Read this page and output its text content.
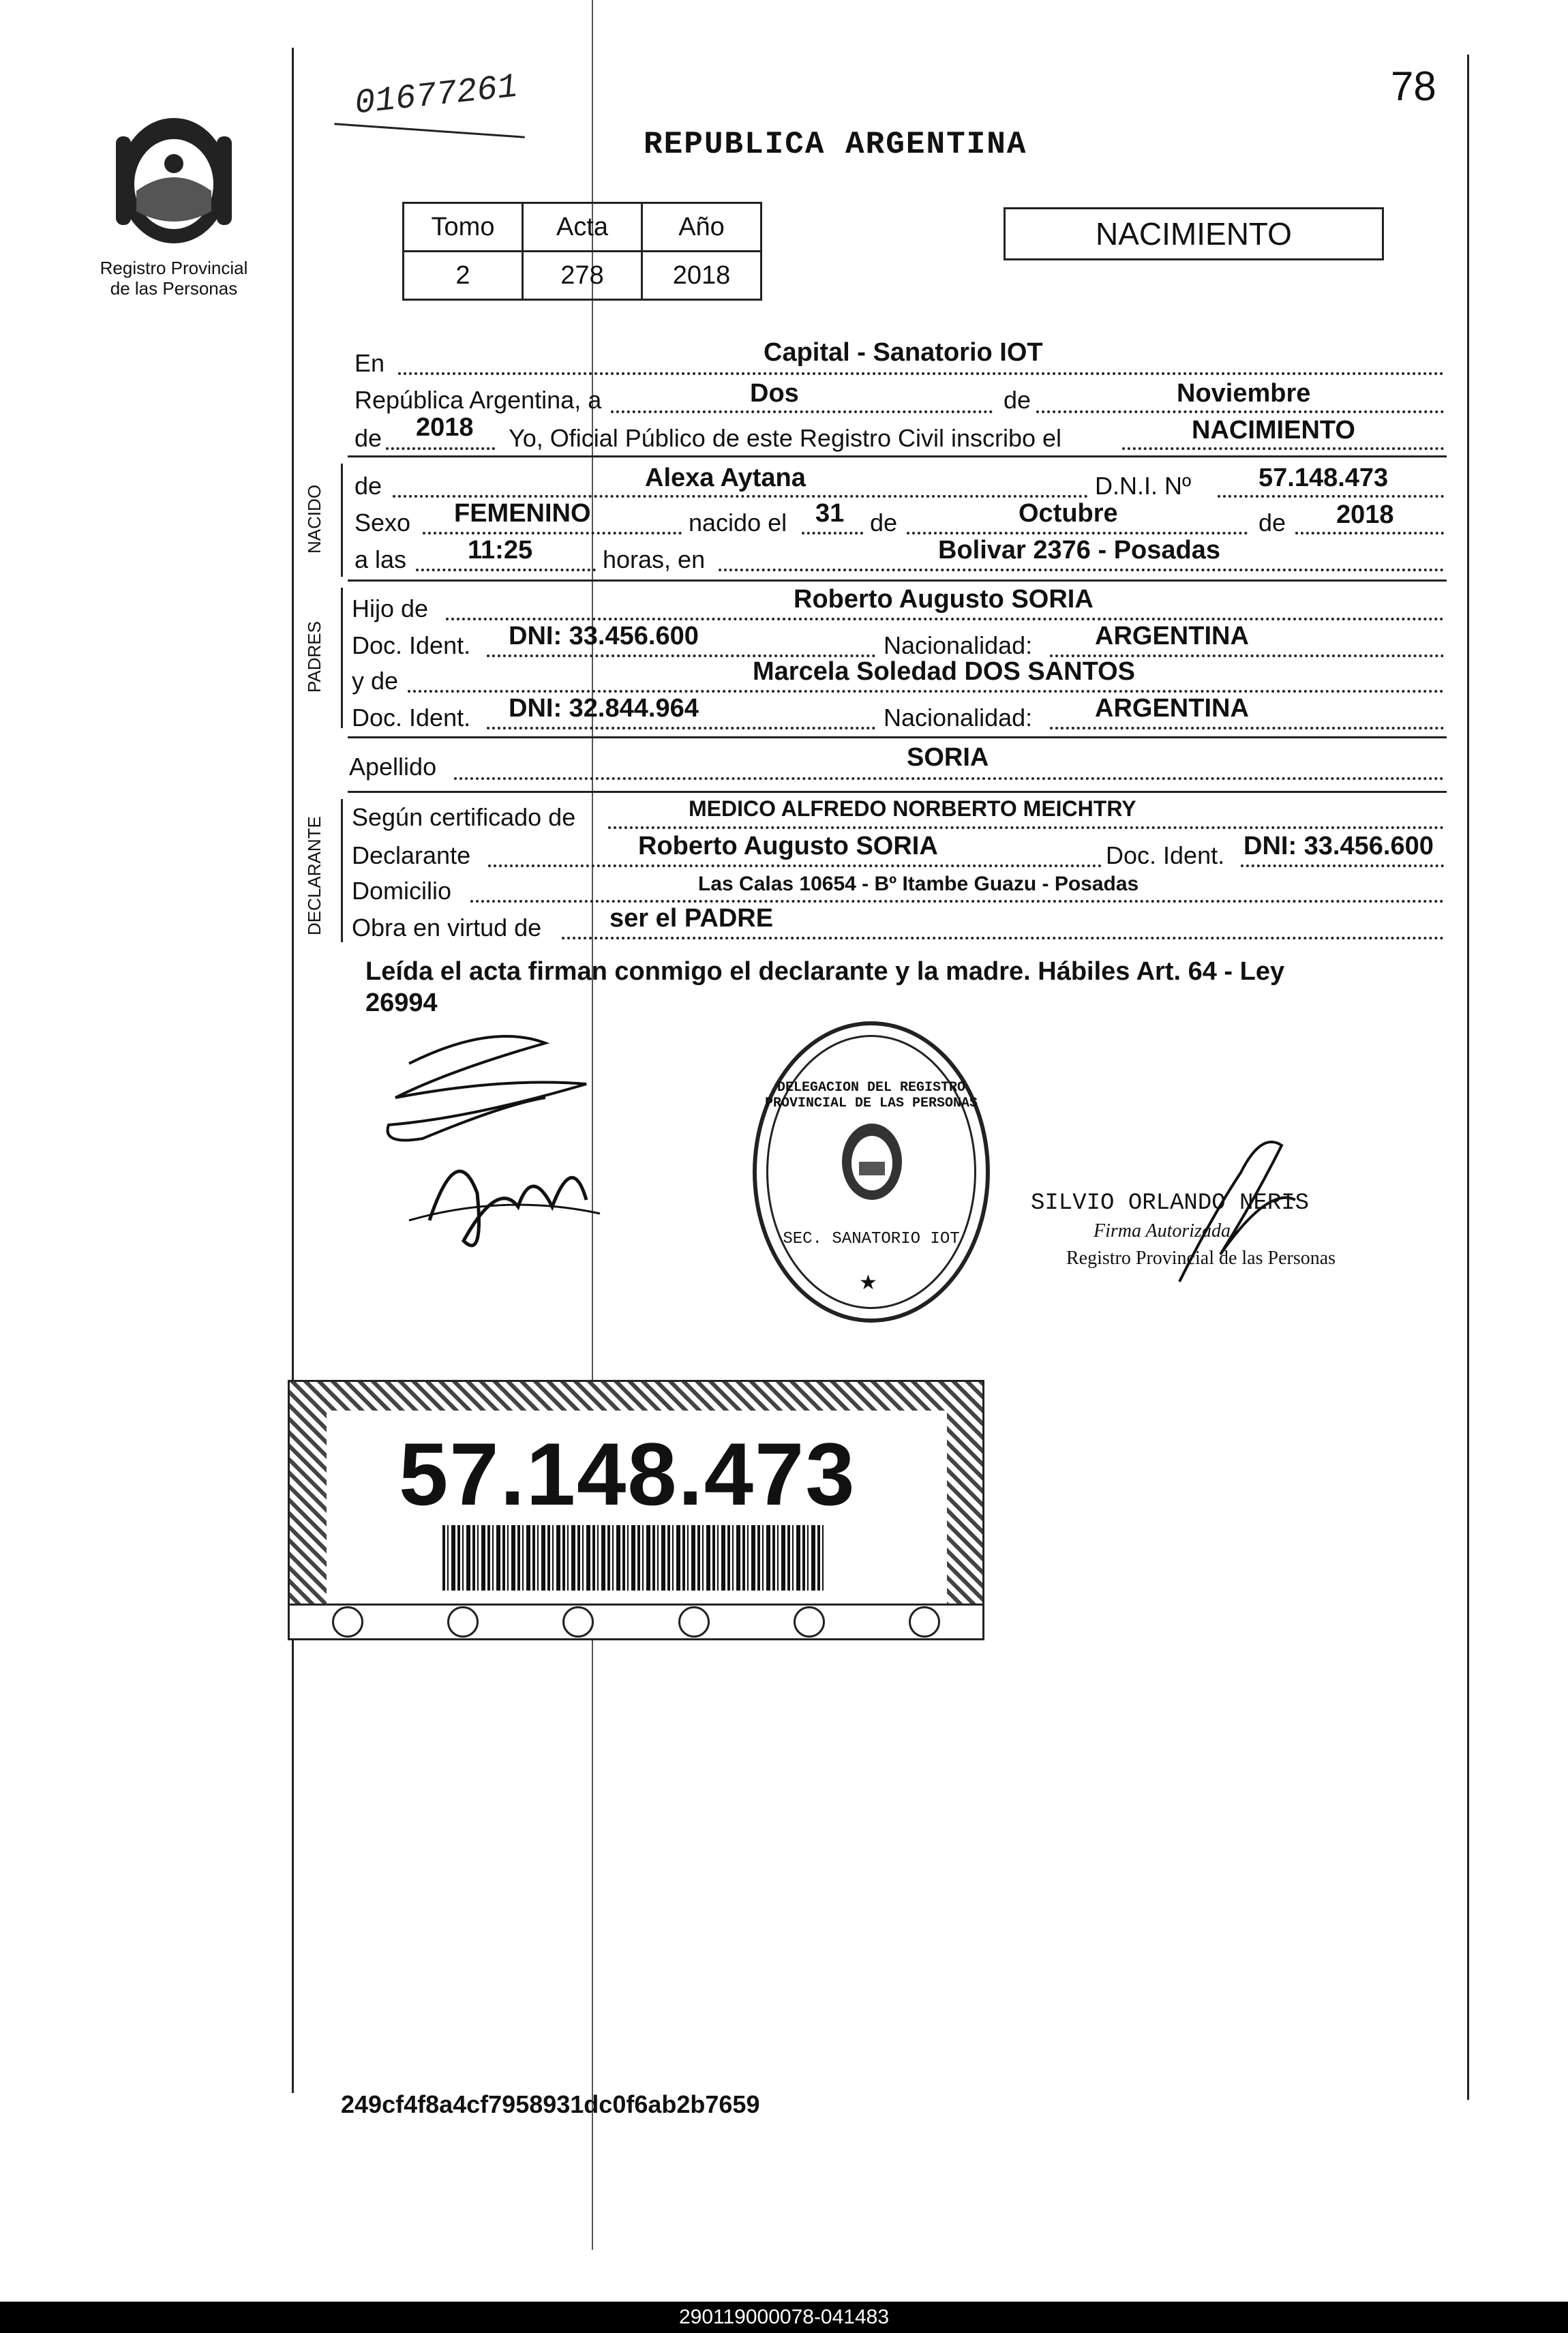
Registro Provincial
de las Personas
01677261	78
REPUBLICA ARGENTINA
Tomo	Acta	Año
2	278	2018
NACIMIENTO
En	Capital - Sanatorio IOT
República Argentina, a	Dos	de	Noviembre
de 2018 Yo, Oficial Público de este Registro Civil inscribo el	NACIMIENTO
NACIDO de	Alexa Aytana	D.N.I. Nº	57.148.473
Sexo FEMENINO	nacido el 31 de	Octubre	de 2018
a las 11:25	horas, en	Bolivar 2376 - Posadas
PADRES
Hijo de	Roberto Augusto SORIA
Doc. Ident. DNI: 33.456.600	Nacionalidad: ARGENTINA
y de	Marcela Soledad DOS SANTOS
Doc. Ident. DNI: 32.844.964	Nacionalidad: ARGENTINA
Apellido	SORIA
DECLARANTE Según certificado de	MEDICO ALFREDO NORBERTO MEICHTRY
Declarante	Roberto Augusto SORIA	Doc. Ident. DNI: 33.456.600
Domicilio	Las Calas 10654 - Bº Itambe Guazu - Posadas
Obra en virtud de	ser el PADRE
Leída el acta firman conmigo el declarante y la madre. Hábiles Art. 64 - Ley
26994
DELEGACION DEL REGISTRO PROVINCIAL DE LAS PERSONAS
SEC. SANATORIO IOT
★
SILVIO ORLANDO NERIS
Firma Autorizada
Registro Provincial de las Personas
57.148.473
249cf4f8a4cf7958931dc0f6ab2b7659
290119000078-041483
